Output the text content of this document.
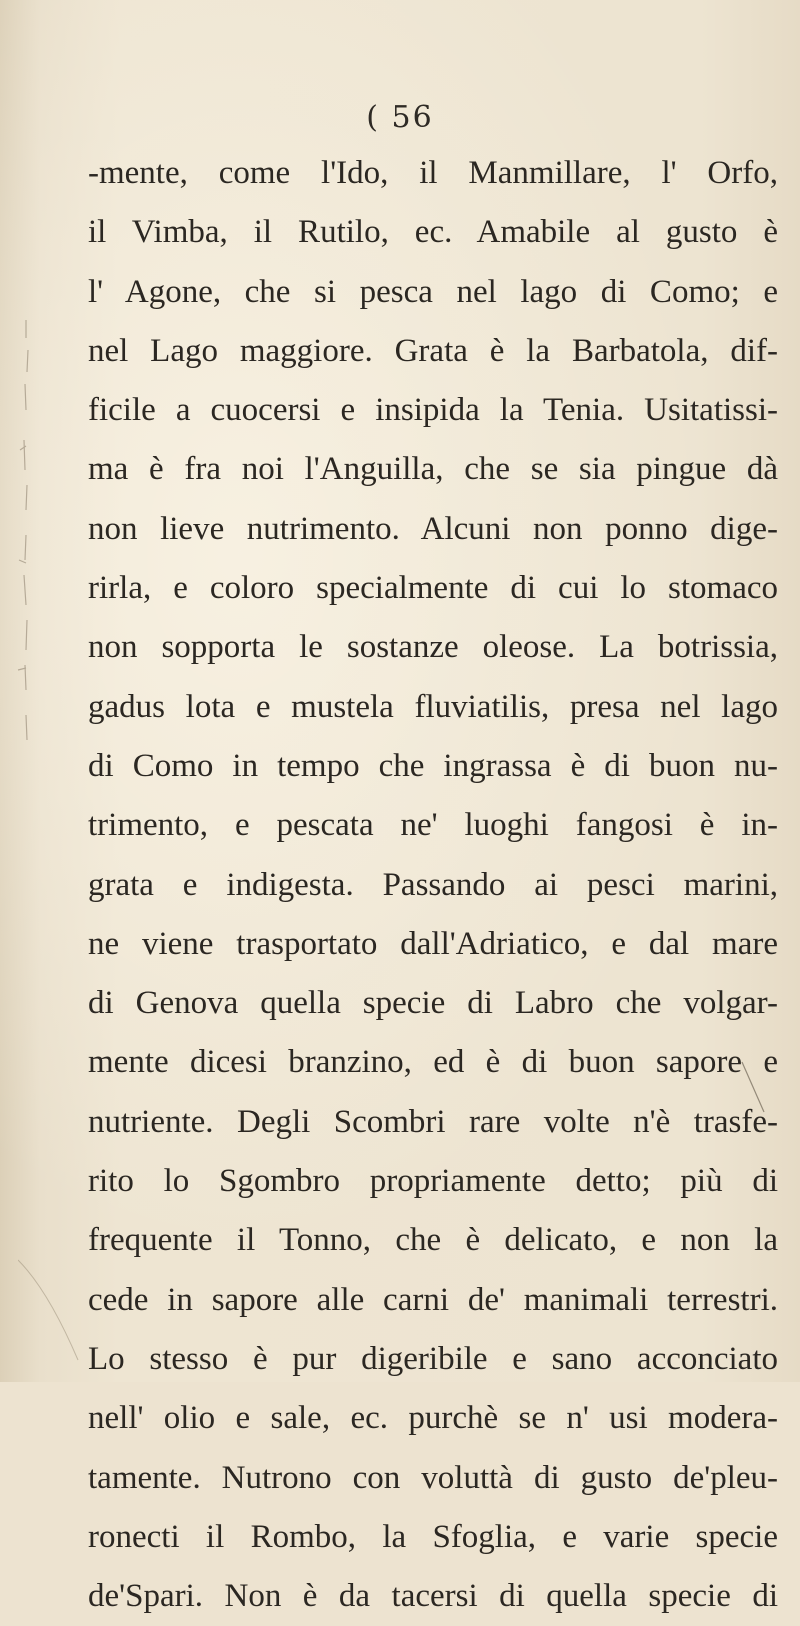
( 56
-mente, come l'Ido, il Manmillare, l' Orfo,
il Vimba, il Rutilo, ec. Amabile al gusto è
l' Agone, che si pesca nel lago di Como; e
nel Lago maggiore. Grata è la Barbatola, dif-
ficile a cuocersi e insipida la Tenia. Usitatissi-
ma è fra noi l'Anguilla, che se sia pingue dà
non lieve nutrimento. Alcuni non ponno dige-
rirla, e coloro specialmente di cui lo stomaco
non sopporta le sostanze oleose. La botrissia,
gadus lota e mustela fluviatilis, presa nel lago
di Como in tempo che ingrassa è di buon nu-
trimento, e pescata ne' luoghi fangosi è in-
grata e indigesta. Passando ai pesci marini,
ne viene trasportato dall'Adriatico, e dal mare
di Genova quella specie di Labro che volgar-
mente dicesi branzino, ed è di buon sapore e
nutriente. Degli Scombri rare volte n'è trasfe-
rito lo Sgombro propriamente detto; più di
frequente il Tonno, che è delicato, e non la
cede in sapore alle carni de' manimali terrestri.
Lo stesso è pur digeribile e sano acconciato
nell' olio e sale, ec. purchè se n' usi modera-
tamente. Nutrono con voluttà di gusto de'pleu-
ronecti il Rombo, la Sfoglia, e varie specie
de'Spari. Non è da tacersi di quella specie di
